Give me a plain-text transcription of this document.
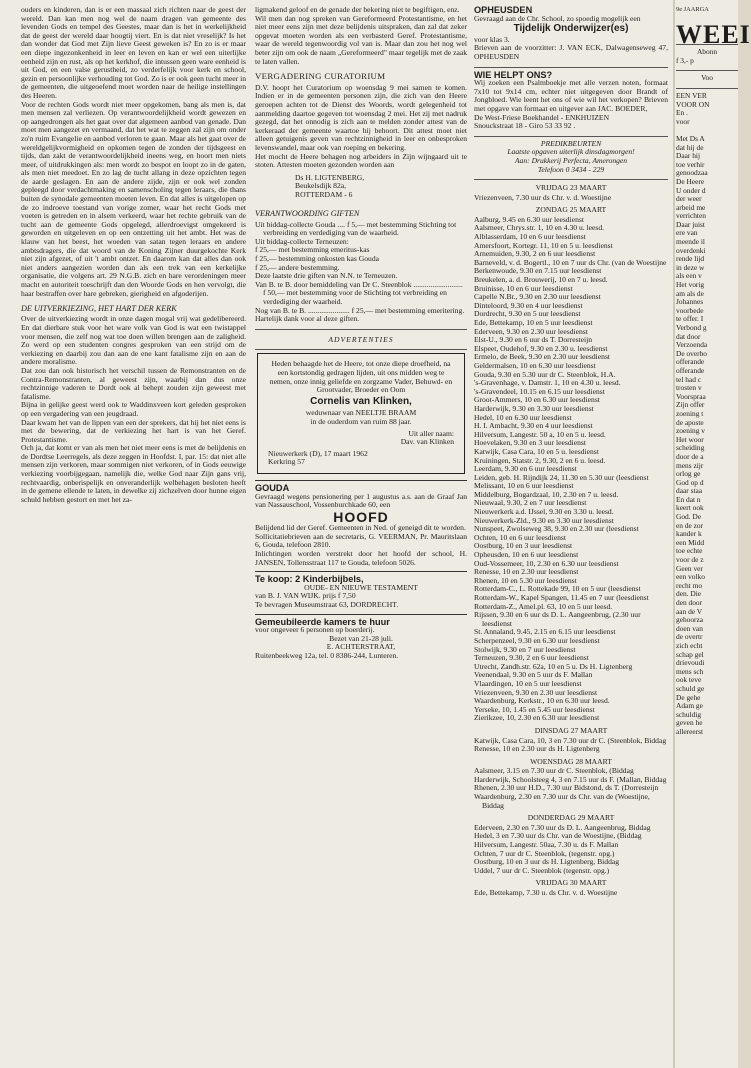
ouders en kinderen, dan is er een massaal zich richten naar de geest der wereld. Dan kan men nog wel de naam dragen van gemeente des levenden Gods en tempel des Geestes, maar dan is het in werkelijkheid dat de geest der wereld daar hoogtij viert. En is dat niet vreselijk? Is het dan wonder dat God met Zijn lieve Geest geweken is? En zo is er maar een diepe ingezonkenheid in leer en leven en kan er wel een uiterlijke eenheid zijn en rust, als op het kerkhof, die intussen geen ware eenheid is uit God, en een valse gerustheid, zo verderfelijk voor kerk en school, gezin en persoonlijke verhouding tot God. Zo is er ook geen tucht meer in de gemeenten, die uitgeoefend moet worden naar de heilige instellingen des Heeren.

Voor de rechten Gods wordt niet meer opgekomen, bang als men is, dat men mensen zal verliezen. Op verantwoordelijkheid wordt gewezen en op aangedrongen als het gaat over dat algemeen aanbod van genade. Dan moet men aangezet en vermaand, dat het wat te zeggen zal zijn om onder zo'n ruim Evangelie en aanbod verloren te gaan. Maar als het gaat over de wereldgelijkvormigheid en opkomen tegen de zonden der tijdsgeest en tijds, dan zakt de verantwoordelijkheid ineens weg, en hoort men niets meer, of uitdrukkingen als: men wordt zo bespot en loopt zo in de gaten, als men niet meedoet. En zo lag de tucht allang in deze opzichten tegen de aarde geslagen. En aan de andere zijde, zijn er ook wel zonden gepleegd door verdachtmaking en samenscholing tegen leraars, die thans buiten de synodale gemeenten moeten leven. En dat alles is uitgelopen op de zo indroeve toestand van vorige zomer, waar het recht Gods met voeten is getreden en in alsem verkeerd, waar het rechte gebruik van de tucht aan de gemeente Gods opgelegd, allerdroevigst omgekeerd is geworden en uitgeleven en op een ontzetting uit het ambt. Het was de klauw van het beest, het woeden van satan tegen leraars en andere ambtsdragers, die dat woord van de Koning Zijner duurgekochte Kerk niet zijn afgezet, of uit 't ambt ontzet. En daarom kan dat alles dan ook niet anders aangezien worden dan als een trek van een kerkelijke organisatie, die volgens art. 29 N.G.B. zich en hare verordeningen meer macht en autoriteit toeschrijft dan den Woorde Gods en hen vervolgt, die haar bestraffen over hare gebreken, gierigheid en afgoderijen.

DE UITVERKIEZING, HET HART DER KERK

Over de uitverkiezing wordt in onze dagen mogal vrij wat gedelibereerd. En dat dierbare stuk voor het ware volk van God is wat een twistappel voor mensen, die zelf nog wat toe doen willen brengen aan de zaligheid. Zo werd op een studenten congres gesproken van een strijd om de verkiezing en daarbij zou dan aan de ene kant fatalisme zijn en aan de andere moralisme.

Dat zou dan ook historisch het verschil tussen de Remonstranten en de Contra-Remonstranten, al geweest zijn, waarbij dan dus onze rechtzinnige vaderen te Dordt ook al behept zouden zijn geweest met fatalisme.

Bijna in gelijke geest werd ook te Waddinxveen kort geleden gesproken op een vergadering van een jeugdraad.

Daar kwam het van de lippen van een der sprekers, dat hij het niet eens is met de bewering, dat de verkiezing het hart is van het Geref. Protestantisme.

Och ja, dat komt er van als men het niet meer eens is met de belijdenis en de Dordtse Leerregels, als deze zeggen in Hoofdst. I, par. 15: dat niet alle mensen zijn verkoren, maar sommigen niet verkoren, of in Gods eeuwige verkiezing voorbijgegaan, namelijk die, welke God naar Zijn gans vrij, rechtvaardig, onberispelijk en onveranderlijk welbehagen besloten heeft in de gemene ellende te laten, in dewelke zij zichzelven door hunne eigen schuld hebben gestort en met het za-

ligmakend geloof en de genade der bekering niet te begiftigen, enz.

Wil men dan nog spreken van Gereformeerd Protestantisme, en het niet meer eens zijn met deze belijdenis uitspraken, dan zal dat zeker opgevat moeten worden als een verbasterd Geref. Protestantisme, waar de wereld tegenwoordig vol van is. Maar dan zou het nog wel beter zijn om ook de naam „Gereformeerd" maar tegelijk met de zaak te laten vallen.

VERGADERING CURATORIUM

D.V. hoopt het Curatorium op woensdag 9 mei samen te komen. Indien er in de gemeenten personen zijn, die zich van den Heere geroepen achten tot de Dienst des Woords, wordt gelegenheid tot aanmelding daartoe gegeven tot woensdag 2 mei. Het zij met nadruk gezegd, dat het onnodig is zich aan te melden zonder attest van de kerkeraad der gemeente waartoe hij behoort. Dit attest moet niet alleen getuigenis geven van rechtzinnigheid in leer en onbesproken levenswandel, maar ook van roeping en bekering.

Het mocht de Heere behagen nog arbeiders in Zijn wijngaard uit te stoten. Attesten moeten gezonden worden aan

Ds H. LIGTENBERG,

Beukelsdijk 82a,

ROTTERDAM - 6

VERANTWOORDING GIFTEN

Uit biddag-collecte Gouda .... f 5,— met bestemming Stichting tot verbreiding en verdediging van de waarheid.

Uit biddag-collecte Terneuzen:

f 25,— met bestemming emeritus-kas

f 25,— bestemming onkosten kas Gouda

f 25,— andere bestemming.

Deze laatste drie giften van N.N. te Terneuzen.

Van B. te B. door bemiddeling van Dr C. Steenblok .......................... f 50,— met bestemming voor de Stichting tot verbreiding en verdediging der waarheid.

Nog van B. te B. ...................... f 25,— met bestemming emeritering.

Hartelijk dank voor al deze giften.

ADVERTENTIES

Heden behaagde het de Heere, tot onze diepe droefheid, na een kortstondig gedragen lijden, uit ons midden weg te nemen, onze innig geliefde en zorgzame Vader, Behuwd- en Grootvader, Broeder en Oom

Cornelis van Klinken,

weduwnaar van NEELTJE BRAAM

in de ouderdom van ruim 88 jaar.

Uit aller naam:

Dav. van Klinken

Nieuwerkerk (D), 17 maart 1962

Kerkring 57

GOUDA

Gevraagd wegens pensionering per 1 augustus a.s. aan de Graaf Jan van Nassauschool, Vossenburchkade 60, een

HOOFD

Belijdend lid der Geref. Gemeenten in Ned. of geneigd dit te worden.

Sollicitatiebrieven aan de secretaris, G. VEERMAN, Pr. Mauritslaan 6, Gouda, telefoon 2810.

Inlichtingen worden verstrekt door het hoofd der school, H. JANSEN, Tollensstraat 117 te Gouda, telefoon 5026.

Te koop: 2 Kinderbijbels,

OUDE- EN NIEUWE TESTAMENT

van B. J. VAN WIJK. prijs f 7,50

Te bevragen Museumstraat 63, DORDRECHT.

Gemeubileerde kamers te huur

voor ongeveer 6 personen op boerderij.

Bezet van 21-28 juli.

E. ACHTERSTRAAT,

Ruitenbeekweg 12a, tel. 0 8386-244, Lunteren.

OPHEUSDEN

Gevraagd aan de Chr. School, zo spoedig mogelijk een

Tijdelijk Onderwijzer(es)

voor klas 3.

Brieven aan de voorzitter: J. VAN ECK, Dalwagenseweg 47, OPHEUSDEN

WIE HELPT ONS?

Wij zoeken een Psalmboekje met alle verzen noten, formaat 7x10 tot 9x14 cm, echter niet uitgegeven door Brandt of Jongbloed. Wie leent het ons of wie wil het verkopen? Brieven met opgave van formaat en uitgever aan JAC. BOEDER,

De West-Friese Boekhandel - ENKHUIZEN

Snouckstraat 18 - Giro 53 33 92 .

PREDIKBEURTEN

Laatste opgaven uiterlijk dinsdagmorgen!

Aan: Drukkerij Perfecta, Amerongen

Telefoon 0 3434 - 229

VRIJDAG 23 MAART

Vriezenveen, 7.30 uur ds Chr. v. d. Woestijne

ZONDAG 25 MAART

Aalburg, 9.45 en 6.30 uur leesdienst

Aalsmeer, Chrys.str. 1, 10 en 4.30 u. leesd.

Alblasserdam, 10 en 6 uur leesdienst

Amersfoort, Kortegr. 11, 10 en 5 u. leesdienst

Arnemuiden, 9.30, 2 en 6 uur leesdienst

Barneveld, v. d. Bogertl., 10 en 7 uur ds Chr. (van de Woestijne

Berkenwoude, 9.30 en 7.15 uur leesdienst

Breukelen, a. d. Brouwerij, 10 en 7 u. leesd.

Bruinisse, 10 en 6 uur leesdienst

Capelle N.Br., 9.30 en 2.30 uur leesdienst

Dinteloord, 9.30 en 4 uur leesdienst

Dordrecht, 9.30 en 5 uur leesdienst

Ede, Bettekamp, 10 en 5 uur leesdienst

Ederveen, 9.30 en 2.30 uur leesdienst

Elst-U., 9.30 en 6 uur ds T. Dorresteijn

Elspeet, Oudeho​f, 9.30 en 2.30 u. leesdienst

Ermelo, de Beek, 9.30 en 2.30 uur leesdienst

Geldermalsen, 10 en 6.30 uur leesdienst

Gouda, 9.30 en 5.30 uur dr C. Steenblok, H.A.

's-Gravenhage, v. Damstr. 1, 10 en 4.30 u. leesd.

's-Gravendeel, 10.15 en 6.15 uur leesdienst

Groot-Ammers, 10 en 6.30 uur leesdienst

Harderwijk, 9.30 en 3.30 uur leesdienst

Hedel, 10 en 6.30 uur leesdienst

H. I. Ambacht, 9.30 en 4 uur leesdienst

Hilversum, Langestr. 50 a, 10 en 5 u. leesd.

Hoevelaken, 9.30 en 3 uur leesdienst

Katwijk, Casa Cara, 10 en 5 u. leesdienst

Kruiningen, Statstr. 2, 9.30, 2 en 6 u. leesd.

Leerdam, 9.30 en 6 uur leesdienst

Leiden, geb. H. Rijndijk 24, 11.30 en 5.30 uur (leesdienst

Melissant, 10 en 6 uur leesdienst

Middelburg, Bogardzaal, 10, 2.30 en 7 u. leesd.

Nieuwaal, 9.30, 2 en 7 uur leesdienst

Nieuwerkerk a.d. IJssel, 9.30 en 3.30 u. leesd.

Nieuwerkerk-Zld., 9.30 en 3.30 uur leesdienst

Nunspeet, Zwolseweg 38, 9.30 en 2.30 uur (leesdienst

Ochten, 10 en 6 uur leesdienst

Oostburg, 10 en 3 uur leesdienst

Opheusden, 10 en 6 uur leesdienst

Oud-Vossemeer, 10, 2.30 en 6.30 uur leesdienst

Renesse, 10 en 2.30 uur leesdienst

Rhenen, 10 en 5.30 uur leesdienst

Rotterdam-C., L. Rottekade 99, 10 en 5 uur (leesdienst

Rotterdam-W., Kapel Spangen, 11.45 en 7 uur (leesdienst

Rotterdam-Z., Amel.pl. 63, 10 en 5 uur leesd.

Rijssen, 9.30 en 6 uur ds D. L. Aangeenbrug, (2.30 uur leesdienst

St. Annaland, 9.45, 2.15 en 6.15 uur leesdienst

Scherpenzeel, 9.30 en 6.30 uur leesdienst

Stolwijk, 9.30 en 7 uur leesdienst

Terneuzen, 9.30, 2 en 6 uur leesdienst

Utrecht, Zandh.str. 62a, 10 en 5 u. Ds H. Ligtenberg

Veenendaal, 9.30 en 5 uur ds F. Mallan

Vlaardingen, 10 en 5 uur leesdienst

Vriezenveen, 9.30 en 2.30 uur leesdienst

Waardenburg, Kerkstr., 10 en 6.30 uur leesd.

Yerseke, 10, 1.45 en 5.45 uur leesdienst

Zierikzee, 10, 2.30 en 6.30 uur leesdienst

DINSDAG 27 MAART

Katwijk, Casa Cara, 10, 3 en 7.30 uur dr C. (Steenblok, Biddag

Renesse, 10 en 2.30 uur ds H. Ligtenberg

WOENSDAG 28 MAART

Aalsmeer, 3.15 en 7.30 uur dr C. Steenblok, (Biddag

Harderwijk, Schoolsteeg 4, 3 en 7.15 uur ds F. (Mallan, Biddag

Rhenen, 2.30 uur H.D., 7.30 uur Bidstond, ds T. (Dorresteijn

Waardenburg, 2.30 en 7.30 uur ds Chr. van de (Woestijne, Biddag

DONDERDAG 29 MAART

Ederveen, 2.30 en 7.30 uur ds D. L. Aangeenbrug, Biddag

Hedel, 3 en 7.30 uur ds Chr. van de Woestijne, (Biddag

Hilversum, Langestr. 50aa, 7.30 u. ds F. Mallan

Ochten, 7 uur dr C. Steenblok, (tegenstr. opg.)

Oostburg, 10 en 3 uur ds H. Ligtenberg, Biddag

Uddel, 7 uur dr C. Steenblok (tegenstr. opg.)

VRIJDAG 30 MAART

Ede, Bettekamp, 7.30 u. ds Chr. v. d. Woestijne

9e JAARGA
WEEI

Abonn

f 3,- p

Voo

EEN VER

VOOR ON

En .

voor

Met Ds A

dat hij de

Daar hij

toe verhir

genoodzaa

De Heere

U onder d

der weer

arbeid me

verrichten

Daar juist

ere van

meende il

overdenki

rende lijd

in deze w

als een v

Het vorig

am als de

Johannes

voorbede

te offer. I

Verbond g

dat door

Verzoenda

De overbo

offerande

offerande

tel had c

trosten v

Voorspraa

Zijn offer

zoening t

de aposte

zoening v

Het woor

scheiding

door de a

mens zijr

orlog ge

God op d

daar staa

En dat n

keert ook

God. De

en de zor

kander k

een Midd

toe echte

voor de z

Geen ver

een volko

recht mo

den. Die

den door

aan de V

gehoorza

doen van

de overtr

zich echt

schap gel

drievoudi

mens sch

ook teve

schuld ge

De gehe

Adam ge

schuldig

geven he

allereerst
